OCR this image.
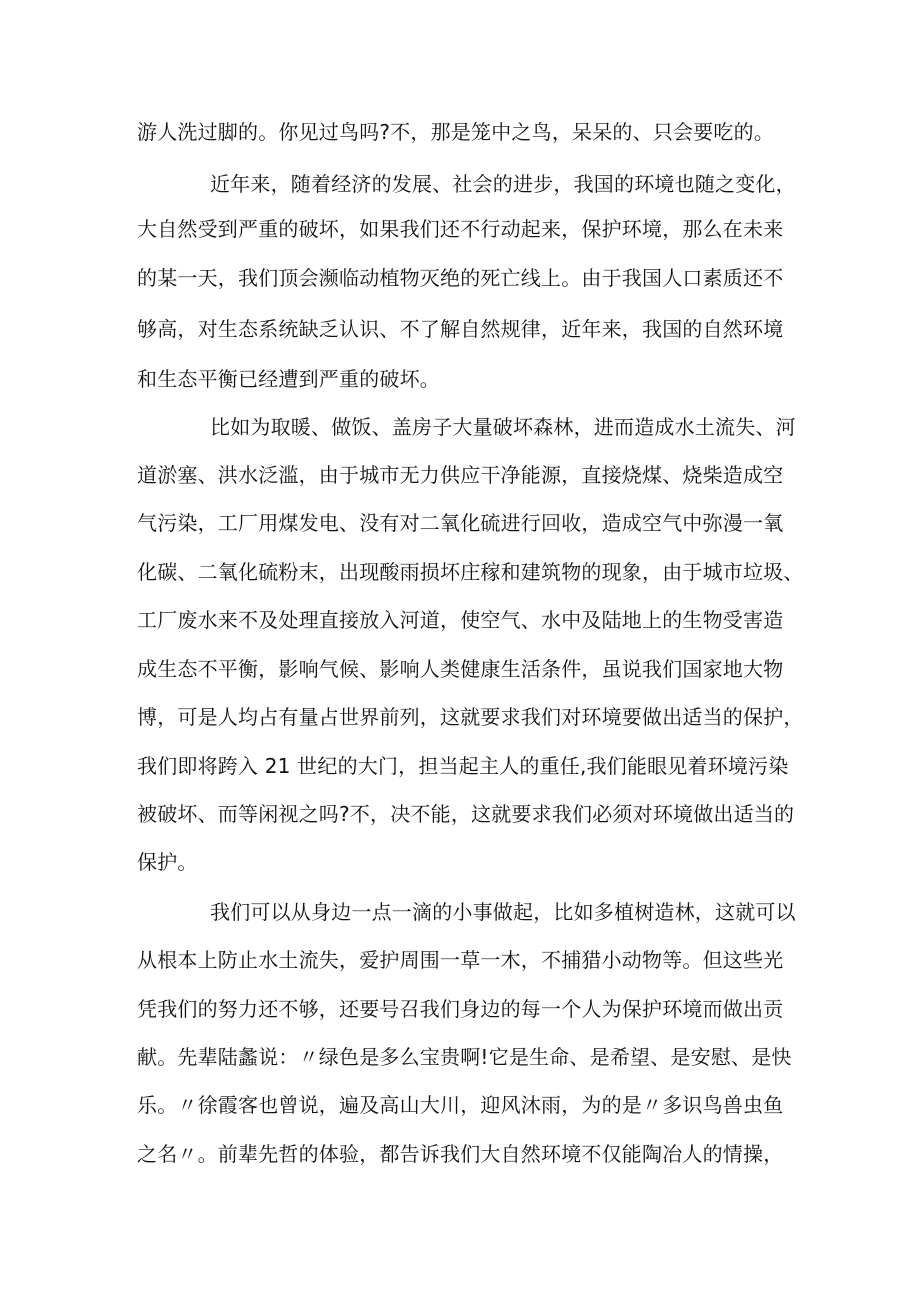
游人洗过脚的。你见过鸟吗?不，那是笼中之鸟，呆呆的、只会要吃的。
近年来，随着经济的发展、社会的进步，我国的环境也随之变化，
大自然受到严重的破坏，如果我们还不行动起来，保护环境，那么在未来
的某一天，我们顶会濒临动植物灭绝的死亡线上。由于我国人口素质还不
够高，对生态系统缺乏认识、不了解自然规律，近年来，我国的自然环境
和生态平衡已经遭到严重的破坏。
比如为取暖、做饭、盖房子大量破坏森林，进而造成水土流失、河
道淤塞、洪水泛滥，由于城市无力供应干净能源，直接烧煤、烧柴造成空
气污染，工厂用煤发电、没有对二氧化硫进行回收，造成空气中弥漫一氧
化碳、二氧化硫粉末，出现酸雨损坏庄稼和建筑物的现象，由于城市垃圾、
工厂废水来不及处理直接放入河道，使空气、水中及陆地上的生物受害造
成生态不平衡，影响气候、影响人类健康生活条件，虽说我们国家地大物
博，可是人均占有量占世界前列，这就要求我们对环境要做出适当的保护，
我们即将跨入 21 世纪的大门，担当起主人的重任,我们能眼见着环境污染
被破坏、而等闲视之吗?不，决不能，这就要求我们必须对环境做出适当的
保护。
我们可以从身边一点一滴的小事做起，比如多植树造林，这就可以
从根本上防止水土流失，爱护周围一草一木，不捕猎小动物等。但这些光
凭我们的努力还不够，还要号召我们身边的每一个人为保护环境而做出贡
献。先辈陆蠡说：〃绿色是多么宝贵啊!它是生命、是希望、是安慰、是快
乐。〃徐霞客也曾说，遍及高山大川，迎风沐雨，为的是〃多识鸟兽虫鱼
之名〃。前辈先哲的体验，都告诉我们大自然环境不仅能陶冶人的情操，
